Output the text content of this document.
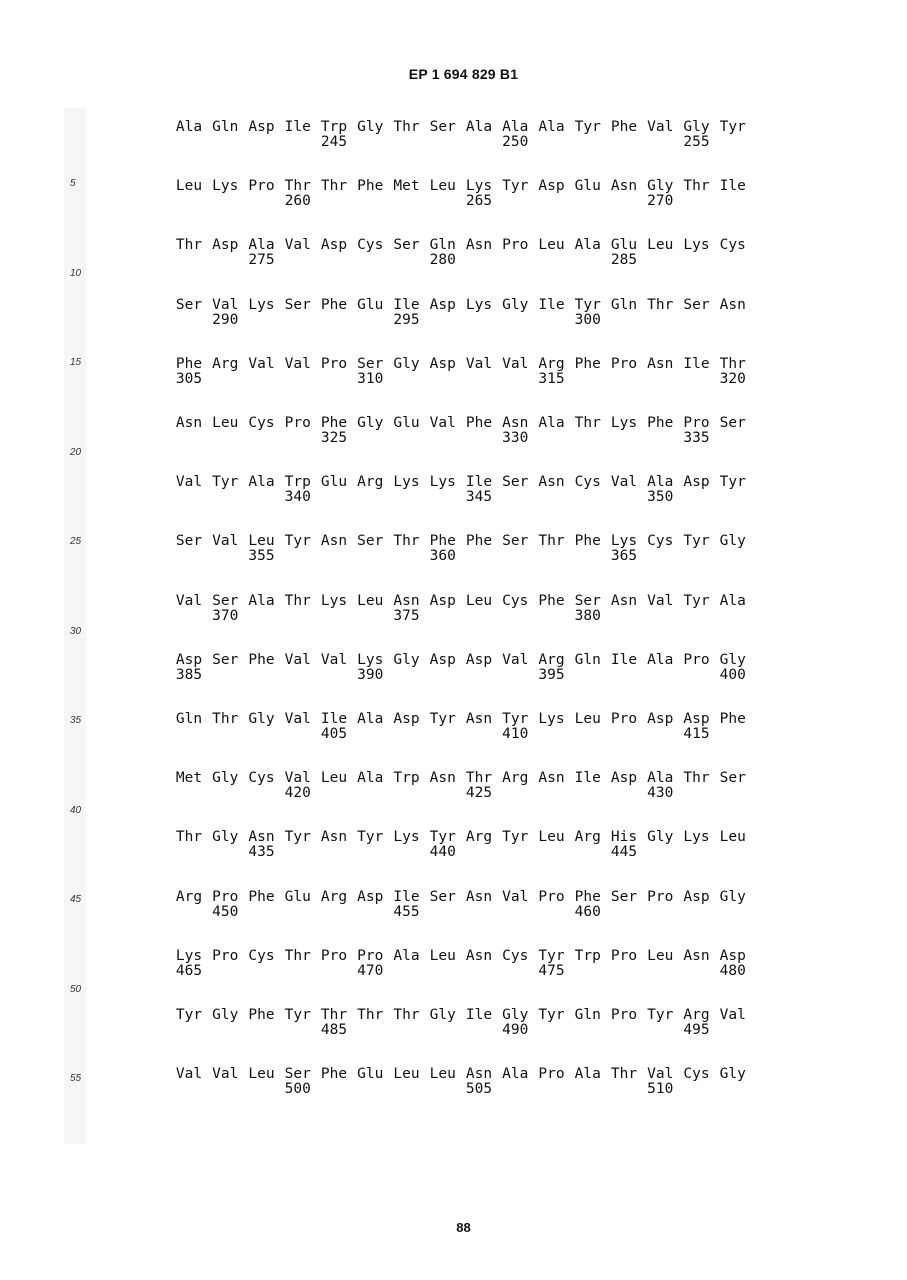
EP 1 694 829 B1
5
10
15
20
25
30
35
40
45
50
55
Ala Gln Asp Ile Trp Gly Thr Ser Ala Ala Ala Tyr Phe Val Gly Tyr
245	250	255
Leu Lys Pro Thr Thr Phe Met Leu Lys Tyr Asp Glu Asn Gly Thr Ile
260	265	270
Thr Asp Ala Val Asp Cys Ser Gln Asn Pro Leu Ala Glu Leu Lys Cys
275	280	285
Ser Val Lys Ser Phe Glu Ile Asp Lys Gly Ile Tyr Gln Thr Ser Asn
290	295	300
Phe Arg Val Val Pro Ser Gly Asp Val Val Arg Phe Pro Asn Ile Thr
305	310	315	320
Asn Leu Cys Pro Phe Gly Glu Val Phe Asn Ala Thr Lys Phe Pro Ser
325	330	335
Val Tyr Ala Trp Glu Arg Lys Lys Ile Ser Asn Cys Val Ala Asp Tyr
340	345	350
Ser Val Leu Tyr Asn Ser Thr Phe Phe Ser Thr Phe Lys Cys Tyr Gly
355	360	365
Val Ser Ala Thr Lys Leu Asn Asp Leu Cys Phe Ser Asn Val Tyr Ala
370	375	380
Asp Ser Phe Val Val Lys Gly Asp Asp Val Arg Gln Ile Ala Pro Gly
385	390	395	400
Gln Thr Gly Val Ile Ala Asp Tyr Asn Tyr Lys Leu Pro Asp Asp Phe
405	410	415
Met Gly Cys Val Leu Ala Trp Asn Thr Arg Asn Ile Asp Ala Thr Ser
420	425	430
Thr Gly Asn Tyr Asn Tyr Lys Tyr Arg Tyr Leu Arg His Gly Lys Leu
435	440	445
Arg Pro Phe Glu Arg Asp Ile Ser Asn Val Pro Phe Ser Pro Asp Gly
450	455	460
Lys Pro Cys Thr Pro Pro Ala Leu Asn Cys Tyr Trp Pro Leu Asn Asp
465	470	475	480
Tyr Gly Phe Tyr Thr Thr Thr Gly Ile Gly Tyr Gln Pro Tyr Arg Val
485	490	495
Val Val Leu Ser Phe Glu Leu Leu Asn Ala Pro Ala Thr Val Cys Gly
500	505	510
88
